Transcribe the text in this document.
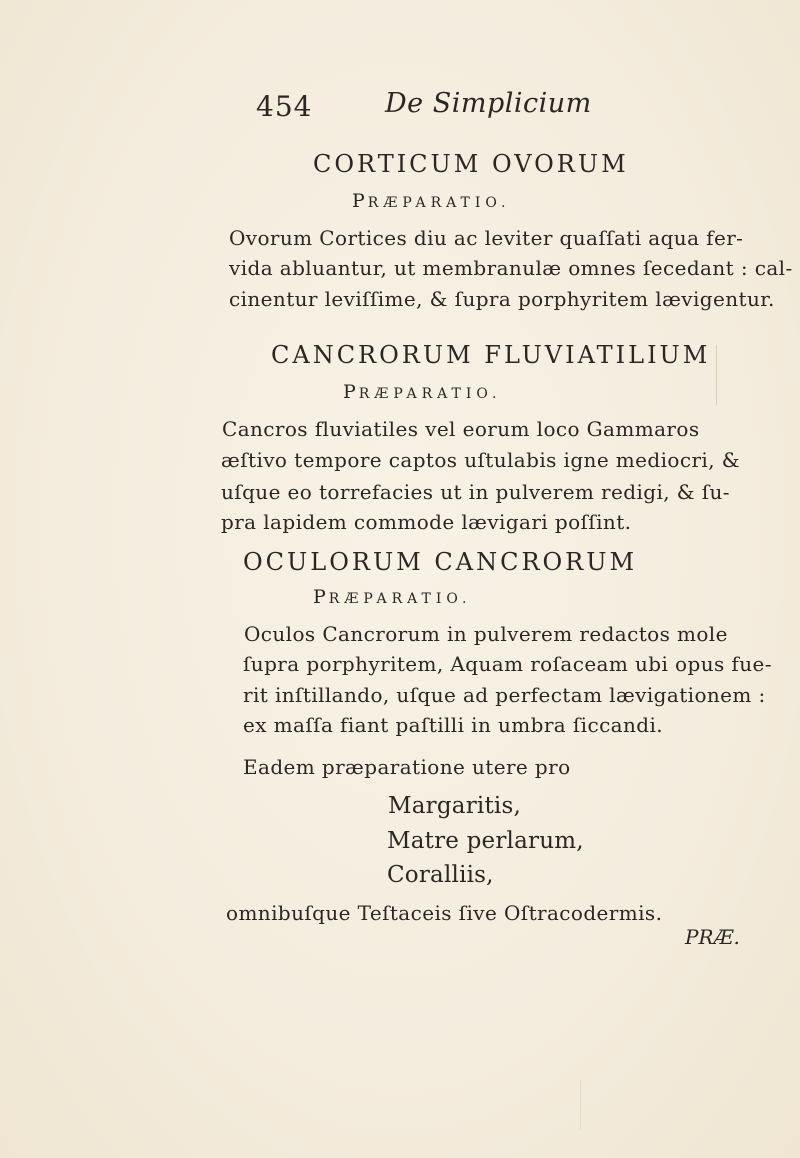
454	De Simplicium
CORTICUM OVORUM
PRÆPARATIO.
Ovorum Cortices diu ac leviter quaſſati aqua fer-
vida abluantur, ut membranulæ omnes ſecedant : cal-
cinentur leviſſime, & ſupra porphyritem lævigentur.
CANCRORUM FLUVIATILIUM
PRÆPARATIO.
Cancros fluviatiles vel eorum loco Gammaros
æſtivo tempore captos uſtulabis igne mediocri, &
uſque eo torrefacies ut in pulverem redigi, & ſu-
pra lapidem commode lævigari poſſint.
OCULORUM CANCRORUM
PRÆPARATIO.
Oculos Cancrorum in pulverem redactos mole
ſupra porphyritem, Aquam roſaceam ubi opus fue-
rit inſtillando, uſque ad perfectam lævigationem :
ex maſſa fiant paſtilli in umbra ſiccandi.
Eadem præparatione utere pro
Margaritis,
Matre perlarum,
Coralliis,
omnibuſque Teſtaceis ſive Oſtracodermis.
PRÆ.
